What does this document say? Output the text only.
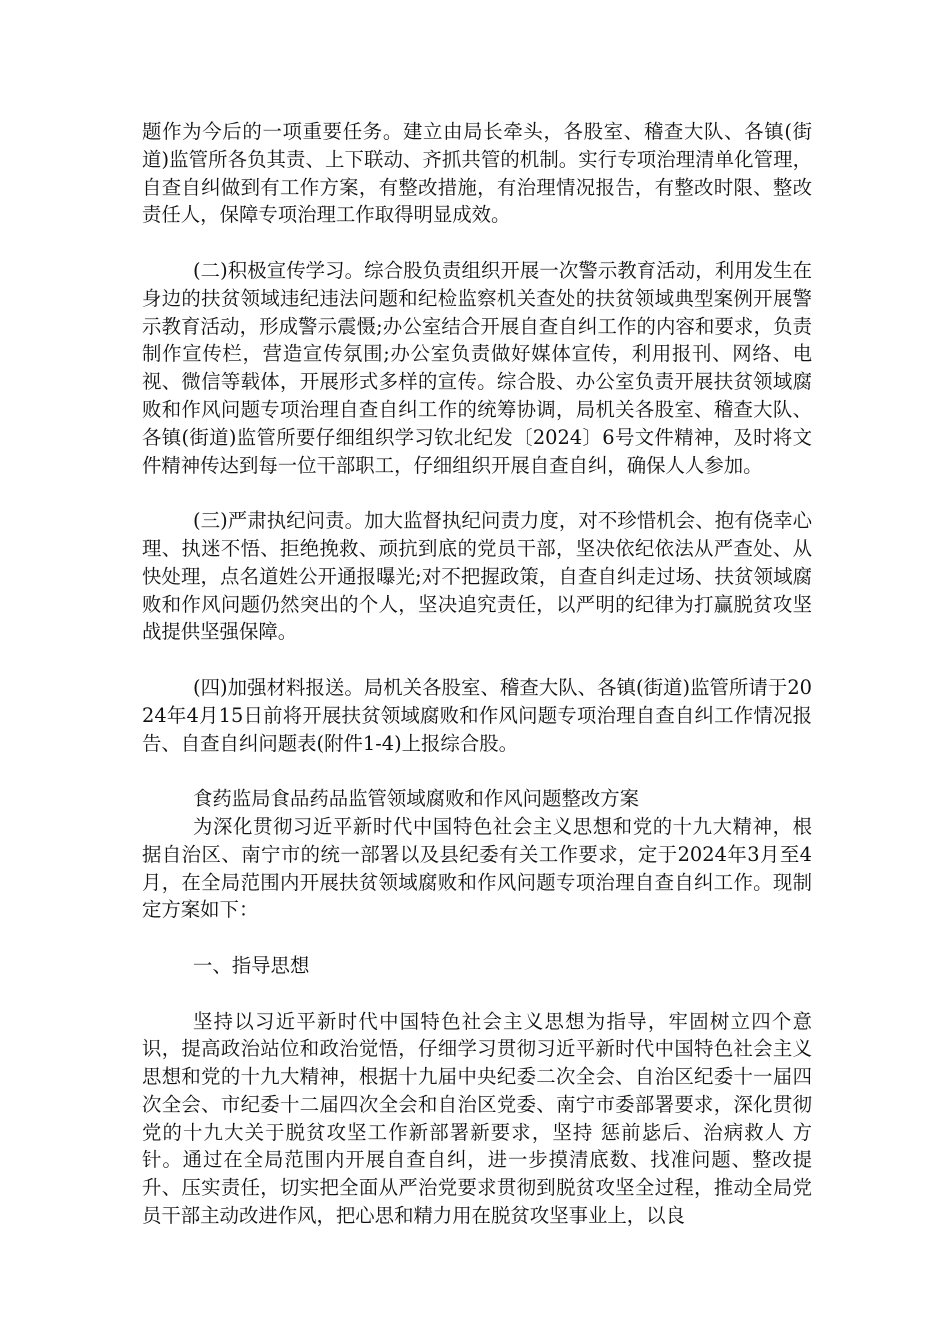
题作为今后的一项重要任务。建立由局长牵头，各股室、稽查大队、各镇(街道)监管所各负其责、上下联动、齐抓共管的机制。实行专项治理清单化管理，自查自纠做到有工作方案，有整改措施，有治理情况报告，有整改时限、整改责任人，保障专项治理工作取得明显成效。

(二)积极宣传学习。综合股负责组织开展一次警示教育活动，利用发生在身边的扶贫领域违纪违法问题和纪检监察机关查处的扶贫领域典型案例开展警示教育活动，形成警示震慑;办公室结合开展自查自纠工作的内容和要求，负责制作宣传栏，营造宣传氛围;办公室负责做好媒体宣传，利用报刊、网络、电视、微信等载体，开展形式多样的宣传。综合股、办公室负责开展扶贫领域腐败和作风问题专项治理自查自纠工作的统筹协调，局机关各股室、稽查大队、各镇(街道)监管所要仔细组织学习钦北纪发〔2024〕6号文件精神，及时将文件精神传达到每一位干部职工，仔细组织开展自查自纠，确保人人参加。

(三)严肃执纪问责。加大监督执纪问责力度，对不珍惜机会、抱有侥幸心理、执迷不悟、拒绝挽救、顽抗到底的党员干部，坚决依纪依法从严查处、从快处理，点名道姓公开通报曝光;对不把握政策，自查自纠走过场、扶贫领域腐败和作风问题仍然突出的个人，坚决追究责任，以严明的纪律为打赢脱贫攻坚战提供坚强保障。

(四)加强材料报送。局机关各股室、稽查大队、各镇(街道)监管所请于2024年4月15日前将开展扶贫领域腐败和作风问题专项治理自查自纠工作情况报告、自查自纠问题表(附件1-4)上报综合股。

食药监局食品药品监管领域腐败和作风问题整改方案

为深化贯彻习近平新时代中国特色社会主义思想和党的十九大精神，根据自治区、南宁市的统一部署以及县纪委有关工作要求，定于2024年3月至4月，在全局范围内开展扶贫领域腐败和作风问题专项治理自查自纠工作。现制定方案如下：

一、指导思想

坚持以习近平新时代中国特色社会主义思想为指导，牢固树立四个意识，提高政治站位和政治觉悟，仔细学习贯彻习近平新时代中国特色社会主义思想和党的十九大精神，根据十九届中央纪委二次全会、自治区纪委十一届四次全会、市纪委十二届四次全会和自治区党委、南宁市委部署要求，深化贯彻党的十九大关于脱贫攻坚工作新部署新要求，坚持 惩前毖后、治病救人 方针。通过在全局范围内开展自查自纠，进一步摸清底数、找准问题、整改提升、压实责任，切实把全面从严治党要求贯彻到脱贫攻坚全过程，推动全局党员干部主动改进作风，把心思和精力用在脱贫攻坚事业上，以良
